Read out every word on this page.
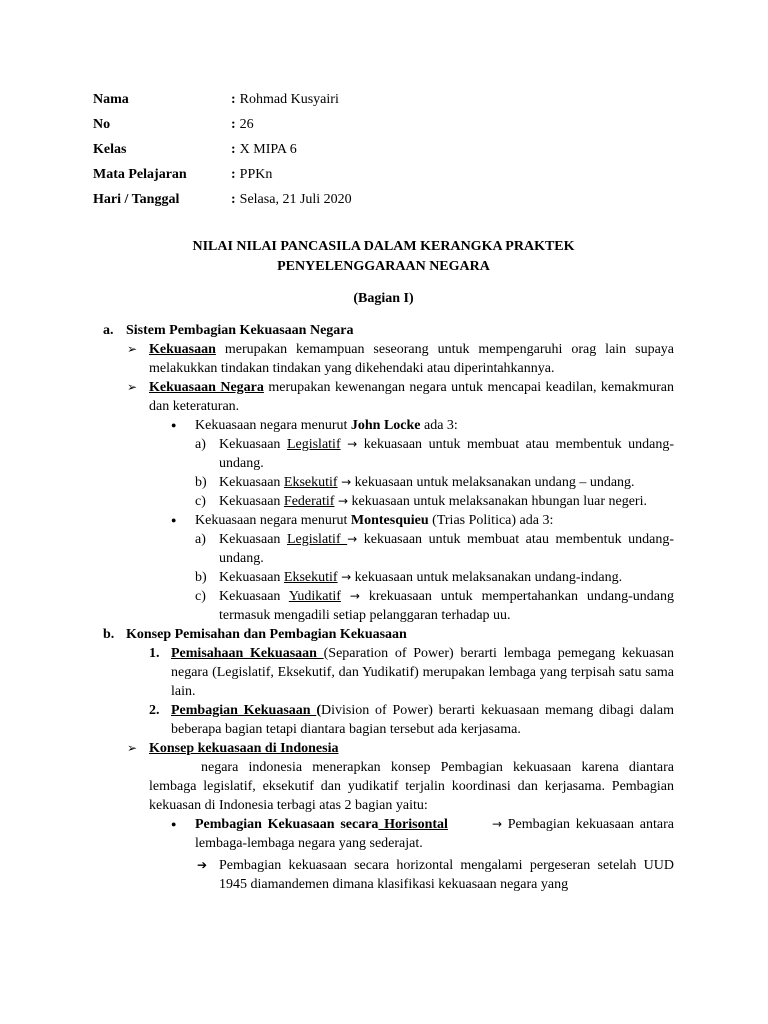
Nama	: Rohmad Kusyairi
No	: 26
Kelas	: X MIPA 6
Mata Pelajaran	: PPKn
Hari / Tanggal	: Selasa, 21 Juli 2020
NILAI NILAI PANCASILA DALAM KERANGKA PRAKTEK
PENYELENGGARAAN NEGARA
(Bagian I)
a. Sistem Pembagian Kekuasaan Negara
➢ Kekuasaan merupakan kemampuan seseorang untuk mempengaruhi orag lain supaya melakukkan tindakan tindakan yang dikehendaki atau diperintahkannya.
➢ Kekuasaan Negara merupakan kewenangan negara untuk mencapai keadilan, kemakmuran dan keteraturan.
● Kekuasaan negara menurut John Locke ada 3:
a) Kekuasaan Legislatif → kekuasaan untuk membuat atau membentuk undang- undang.
b) Kekuasaan Eksekutif → kekuasaan untuk melaksanakan undang – undang.
c) Kekuasaan Federatif → kekuasaan untuk melaksanakan hbungan luar negeri.
● Kekuasaan negara menurut Montesquieu (Trias Politica) ada 3:
a) Kekuasaan Legislatif → kekuasaan untuk membuat atau membentuk undang-undang.
b) Kekuasaan Eksekutif → kekuasaan untuk melaksanakan undang-indang.
c) Kekuasaan Yudikatif → krekuasaan untuk mempertahankan undang-undang termasuk mengadili setiap pelanggaran terhadap uu.
b. Konsep Pemisahan dan Pembagian Kekuasaan
1. Pemisahaan Kekuasaan (Separation of Power) berarti lembaga pemegang kekuasan negara (Legislatif, Eksekutif, dan Yudikatif) merupakan lembaga yang terpisah satu sama lain.
2. Pembagian Kekuasaan (Division of Power) berarti kekuasaan memang dibagi dalam beberapa bagian tetapi diantara bagian tersebut ada kerjasama.
➢ Konsep kekuasaan di Indonesia
negara indonesia menerapkan konsep Pembagian kekuasaan karena diantara lembaga legislatif, eksekutif dan yudikatif terjalin koordinasi dan kerjasama. Pembagian kekuasan di Indonesia terbagi atas 2 bagian yaitu:
● Pembagian Kekuasaan secara Horisontal	→ Pembagian kekuasaan antara lembaga-lembaga negara yang sederajat.
➔ Pembagian kekuasaan secara horizontal mengalami pergeseran setelah UUD 1945 diamandemen dimana klasifikasi kekuasaan negara yang
